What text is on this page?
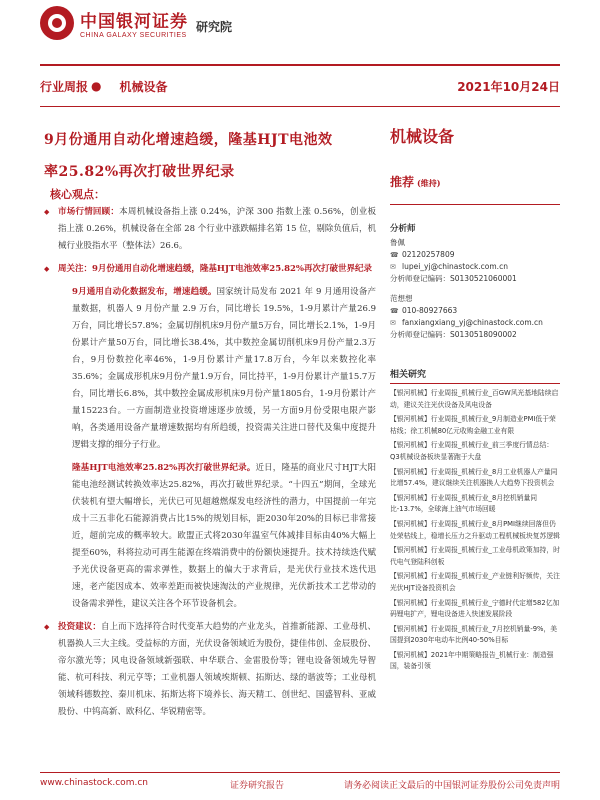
中国银河证券
CHINA GALAXY SECURITIES
研究院
行业周报 ● 机械设备	2021年10月24日
9月份通用自动化增速趋缓，隆基HJT电池效
率25.82%再次打破世界纪录
核心观点：

◆ 市场行情回顾：本周机械设备指上涨 0.24%，沪深 300 指数上涨 0.56%，创业板指上涨 0.26%，机械设备在全部 28 个行业中涨跌幅排名第 15 位，剔除负值后，机械行业股指水平（整体法）26.6。

◆ 周关注：9月份通用自动化增速趋缓，隆基HJT电池效率25.82%再次打破世界纪录

9月通用自动化数据发布，增速趋缓。国家统计局发布 2021 年 9 月通用设备产量数据，机器人 9 月份产量 2.9 万台，同比增长 19.5%，1-9月累计产量26.9万台，同比增长57.8%；金属切削机床9月份产量5万台，同比增长2.1%，1-9月份累计产量50万台，同比增长38.4%，其中数控金属切削机床9月份产量2.3万台，9月份数控化率46%，1-9月份累计产量17.8万台，今年以来数控化率35.6%；金属成形机床9月份产量1.9万台，同比持平，1-9月份累计产量15.7万台，同比增长6.8%，其中数控金属成形机床9月份产量1805台，1-9月份累计产量15223台。一方面制造业投资增速逐步放缓，另一方面9月份受限电限产影响，各类通用设备产量增速数据均有所趋缓，投资需关注进口替代及集中度提升逻辑支撑的细分子行业。

隆基HJT电池效率25.82%再次打破世界纪录。近日，隆基的商业尺寸HJT大阳能电池经测试转换效率达25.82%，再次打破世界纪录。“十四五”期间，全球光伏装机有望大幅增长，光伏已可见超越燃煤发电经济性的潜力，中国提前一年完成十三五非化石能源消费占比15%的规划目标，距2030年20%的目标已非常接近，超前完成的概率较大。欧盟正式将2030年温室气体减排目标由40%大幅上提至60%，科将拉动可再生能源在终端消费中的份额快速提升。技术持续迭代赋予光伏设备更高的需求弹性，数据上的偏大于求背后，是光伏行业技术迭代迅速，老产能因成本、效率差距而被快速淘汰的产业规律，光伏新技术工艺带动的设备需求弹性，建议关注各个环节设备机会。

◆ 投资建议：自上而下选择符合时代变革大趋势的产业龙头，首推新能源、工业母机、机器换人三大主线。受益标的方面，光伏设备领域近为股份，捷佳伟创、金辰股份、帝尔激光等；风电设备领域新强联、申华联合、金雷股份等；锂电设备领域先导智能、杭可科技、利元亨等；工业机器人领域埃斯顿、拓斯达、绿的谐波等；工业母机领域科德数控、秦川机床、拓斯达将下境养长、海天精工、创世纪、国盛智科、亚威股份、中钨高新、欧科亿、华锐精密等。

机械设备
推荐 (维持)
分析师
鲁佩
☎ 02120257809
✉ lupei_yj@chinastock.com.cn
分析师登记编码：S0130521060001
范想想
☎ 010-80927663
✉ fanxiangxiang_yj@chinastock.com.cn
分析师登记编码：S0130518090002
相关研究
【银河机械】行业周报_机械行业_百GW风光基地陆续启动，建议关注光伏设备及风电设备
【银河机械】行业周报_机械行业_9月制造业PMI低于荣枯线；徐工机械80亿元收购金融工业有限
【银河机械】行业周报_机械行业_前三季度行情总结：Q3机械设备板块显著跑于大盘
【银河机械】行业周报_机械行业_8月工业机器人产量同比增57.4%，建议继续关注机器换人大趋势下投资机会
【银河机械】行业周报_机械行业_8月挖机销量同比-13.7%，全球海上油气市场回暖
【银河机械】行业周报_机械行业_8月PMI继续回落但仍处荣枯线上，稳增长压力之升驱动工程机械板块复苏逻辑
【银河机械】行业周报_机械行业_工业母机政策加持，时代电气登陆科创板
【银河机械】行业周报_机械行业_产业链利好频传，关注光伏HJT设备投资机会
【银河机械】行业周报_机械行业_宁德时代定增582亿加码锂电扩产，锂电设备进入快速发展阶段
【银河机械】行业周报_机械行业_7月挖机销量-9%，美国提到2030年电动车比例40-50%目标
【银河机械】2021年中期策略报告_机械行业：制造强国，装备引领
www.chinastock.com.cn	证券研究报告	请务必阅读正文最后的中国银河证券股份公司免责声明
